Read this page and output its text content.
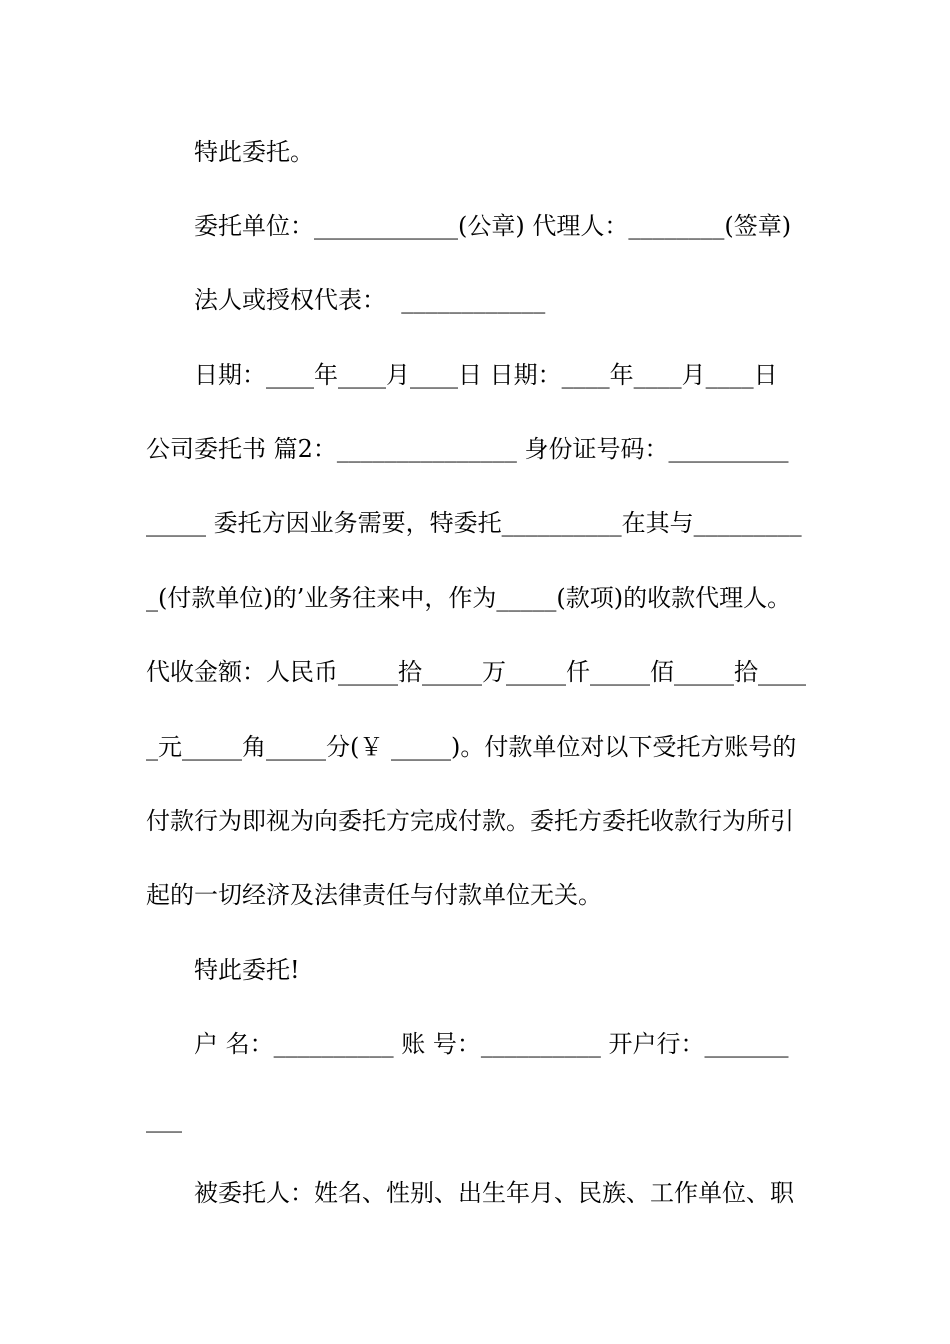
特此委托。
委托单位：____________(公章) 代理人：________(签章)
法人或授权代表：  ____________
日期：____年____月____日 日期：____年____月____日
公司委托书 篇2：_______________ 身份证号码：__________
_____ 委托方因业务需要，特委托__________在其与_________
_(付款单位)的’业务往来中，作为_____(款项)的收款代理人。
代收金额：人民币_____拾_____万_____仟_____佰_____拾____
_元_____角_____分(￥ _____)。付款单位对以下受托方账号的
付款行为即视为向委托方完成付款。委托方委托收款行为所引
起的一切经济及法律责任与付款单位无关。
特此委托!
户 名：__________ 账 号：__________ 开户行：_______
___
被委托人：姓名、性别、出生年月、民族、工作单位、职
